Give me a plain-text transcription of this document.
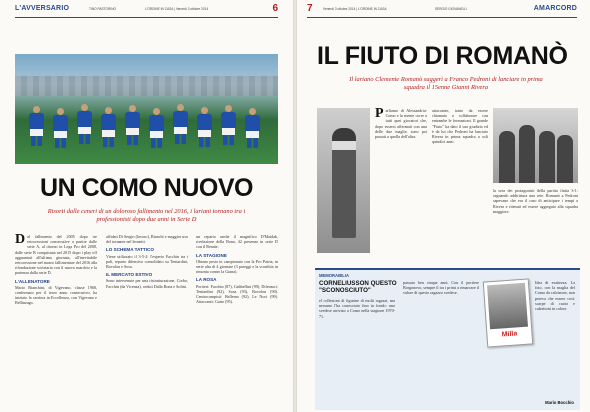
L'AVVERSARIO	TINO PASTORINO	L'ORDINE IN CASA | Venerdì 3 ottobre 2014	6
UN COMO NUOVO
Risorti dalle ceneri di un doloroso fallimento nel 2016, i lariani tornano tra i professionisti dopo due anni in Serie D
D al fallimento del 2005 dopo tre retrocessioni consecutive a partire dalle serie A, al ritorno in Lega Pro del 2008, dalle serie B conquistata nel 2015 dopo i play off agguantati all'ultima giornata, all'inevitabile retrocessione nel marzo fallimentare del 2016 alla rifondazione societaria con il nuovo marchio e la partenza dalla serie D.

L'ALLENATORE

Mario Bianchini, di Vigevano, classe 1968, confermato per il terzo anno consecutivo, ha iniziato la carriera in Eccellenza, con Vigevano e Bellinzago.

affidati Di Sergio (lavoro), Bianchi e maggior uso del tornante nel leonetti.

LO SCHEMA TATTICO

Viene utilizzato il 3-5-2: l'esperto Facchin tra i pali, reparto difensivo consolidato su Tentardini, Bovolon e Sosa.

IL MERCATO ESTIVO

Sono intervenute per una ristrutturazione, Corbo, Facchin (da Vicenza), ceduti Dalla Bona e Solini.

un reparto anche il magnifico D'Maidak, rivelazione della Bona, 42 presenze in serie D con il Renate.

LA STAGIONE

Obiano pesta in campionato con la Pro Patria, in serie alta di 4 giornate (3 pareggi e la sconfitta in rimonta contro la Giana).

LA ROSA

Portieri: Facchin (87), Gabbellini (99), Difensori: Tentardini (92), Sosa (93), Bovolon (90). Centrocampisti: Bellemo (92), Le Noci (99). Attaccanti: Gatto (95).

7	Venerdì 3 ottobre 2014 | L'ORDINE IN CASA	SERGIO GIOVANELLI	AMARCORD
IL FIUTO DI ROMANÒ
Il lariano Clemente Romanò suggerì a Franco Pedroni di lanciare in prima squadra il 15enne Gianni Rivera
P arliamo di Alessandria-Como e la mente corre a tutti quei giocatori che, dopo essersi affermati con una delle due maglie, sono poi passati a quella dell'altra.

attaccante, tanto da essere chiamato a collaborare con entrambe le formazioni. Il grande "Fiuto" ha dato il suo giudizio ed è da lui che Pedroni ha lanciato Rivera in prima squadra a soli quindici anni.

la sera dei protagonisti della partita finita 3-1: segnando addirittura una rete. Romanò a Pedroni sapevano che era il caso di anticipare i tempi a Rivera e ritenuti ed essere aggregato alla squadra maggiore.

MEMORABILIA
CORNELIUSSON QUESTO "SCONOSCIUTO"

el collezioni di figurine di molti ragazzi, ma nessuno l'ha conosciuto fino in fondo: uno svedese arrivato a Como nella stagione 1970-71.

passato ben cinque anni. Con il portiere Borgonovo, sempre il tra i primi a rimarcare il valore di questo ragazzo svedese.

Milla

Idea di esattezza. La foto, con la maglia del Como da calciatore, non poteva che essere così: scarpe di cuoio e calzettoni in colore.

Mario Bocchio
